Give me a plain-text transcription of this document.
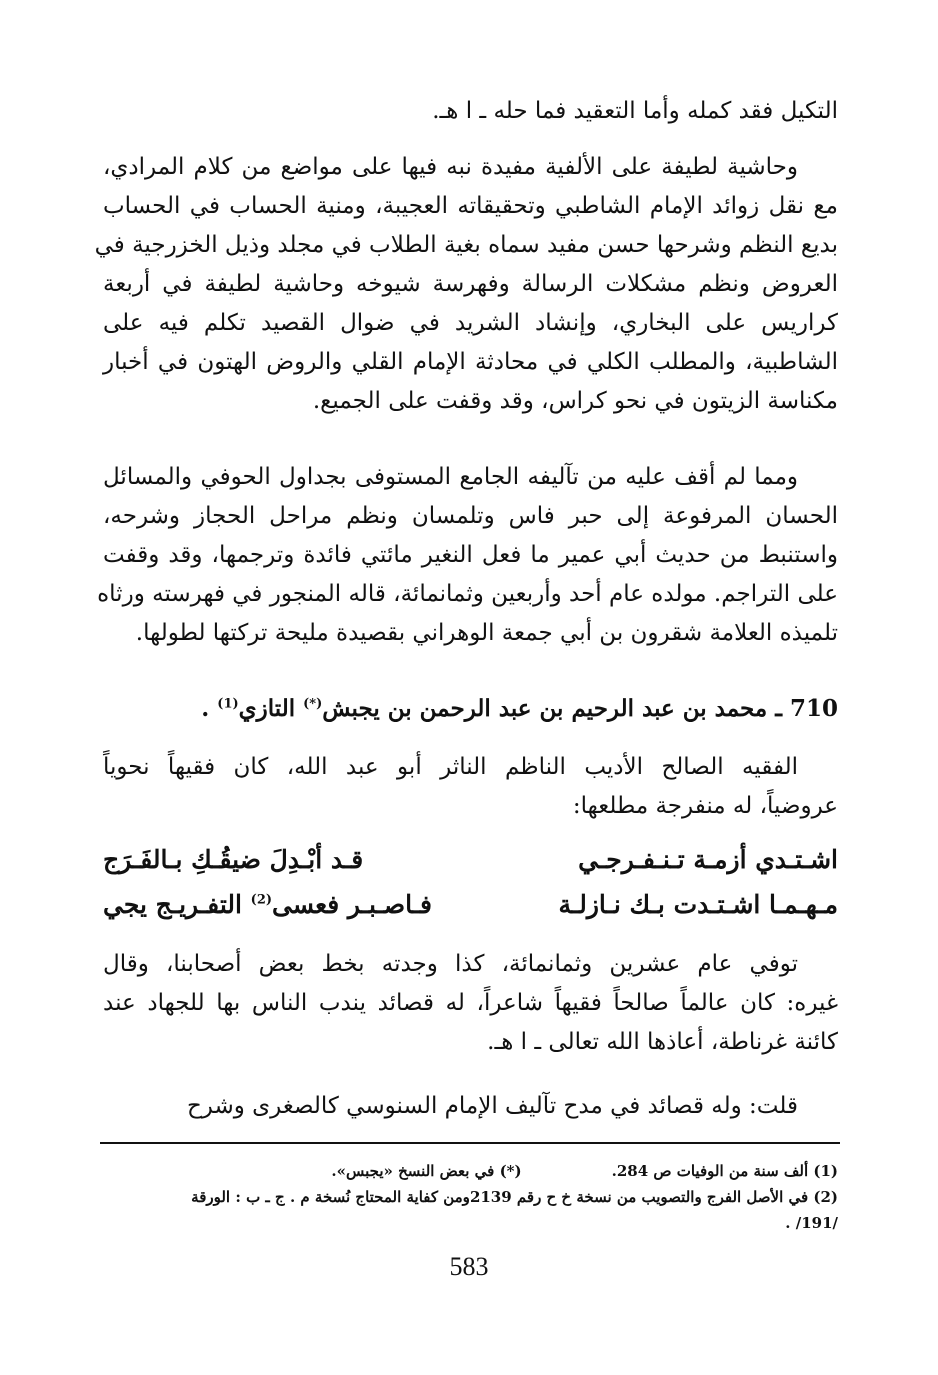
التكيل فقد كمله وأما التعقيد فما حله ـ ا هـ.
وحاشية لطيفة على الألفية مفيدة نبه فيها على مواضع من كلام المرادي،
مع نقل زوائد الإمام الشاطبي وتحقيقاته العجيبة، ومنية الحساب في الحساب
بديع النظم وشرحها حسن مفيد سماه بغية الطلاب في مجلد وذيل الخزرجية في
العروض ونظم مشكلات الرسالة وفهرسة شيوخه وحاشية لطيفة في أربعة
كراريس على البخاري، وإنشاد الشريد في ضوال القصيد تكلم فيه على
الشاطبية، والمطلب الكلي في محادثة الإمام القلي والروض الهتون في أخبار
مكناسة الزيتون في نحو كراس، وقد وقفت على الجميع.
ومما لم أقف عليه من تآليفه الجامع المستوفى بجداول الحوفي والمسائل
الحسان المرفوعة إلى حبر فاس وتلمسان ونظم مراحل الحجاز وشرحه،
واستنبط من حديث أبي عمير ما فعل النغير مائتي فائدة وترجمها، وقد وقفت
على التراجم. مولده عام أحد وأربعين وثمانمائة، قاله المنجور في فهرسته ورثاه
تلميذه العلامة شقرون بن أبي جمعة الوهراني بقصيدة مليحة تركتها لطولها.
710 ـ محمد بن عبد الرحيم بن عبد الرحمن بن يجبش(*) التازي$^{(1)}$ .
الفقيه الصالح الأديب الناظم الناثر أبو عبد الله، كان فقيهاً نحوياً
عروضياً، له منفرجة مطلعها:
اشـتـدي أزمـة تـنـفـرجـي
قـد أبْـدِلَ ضيقُـكِ بـالفَـرَج
مـهـمـا اشـتـدت بـك نـازلـة
فـاصـبـر فعسى$^{(2)}$ التفـريـج يجي
توفي عام عشرين وثمانمائة، كذا وجدته بخط بعض أصحابنا، وقال
غيره: كان عالماً صالحاً فقيهاً شاعراً، له قصائد يندب الناس بها للجهاد عند
كائنة غرناطة، أعاذها الله تعالى ـ ا هـ.
قلت: وله قصائد في مدح تآليف الإمام السنوسي كالصغرى وشرح
(1) ألف سنة من الوفيات ص 284.
(*) في بعض النسخ «يجبس».
(2) في الأصل الفرج والتصويب من نسخة خ ح رقم 2139ومن كفاية المحتاج نُسخة م . ج ـ ب : الورقة
/191/ .
583
